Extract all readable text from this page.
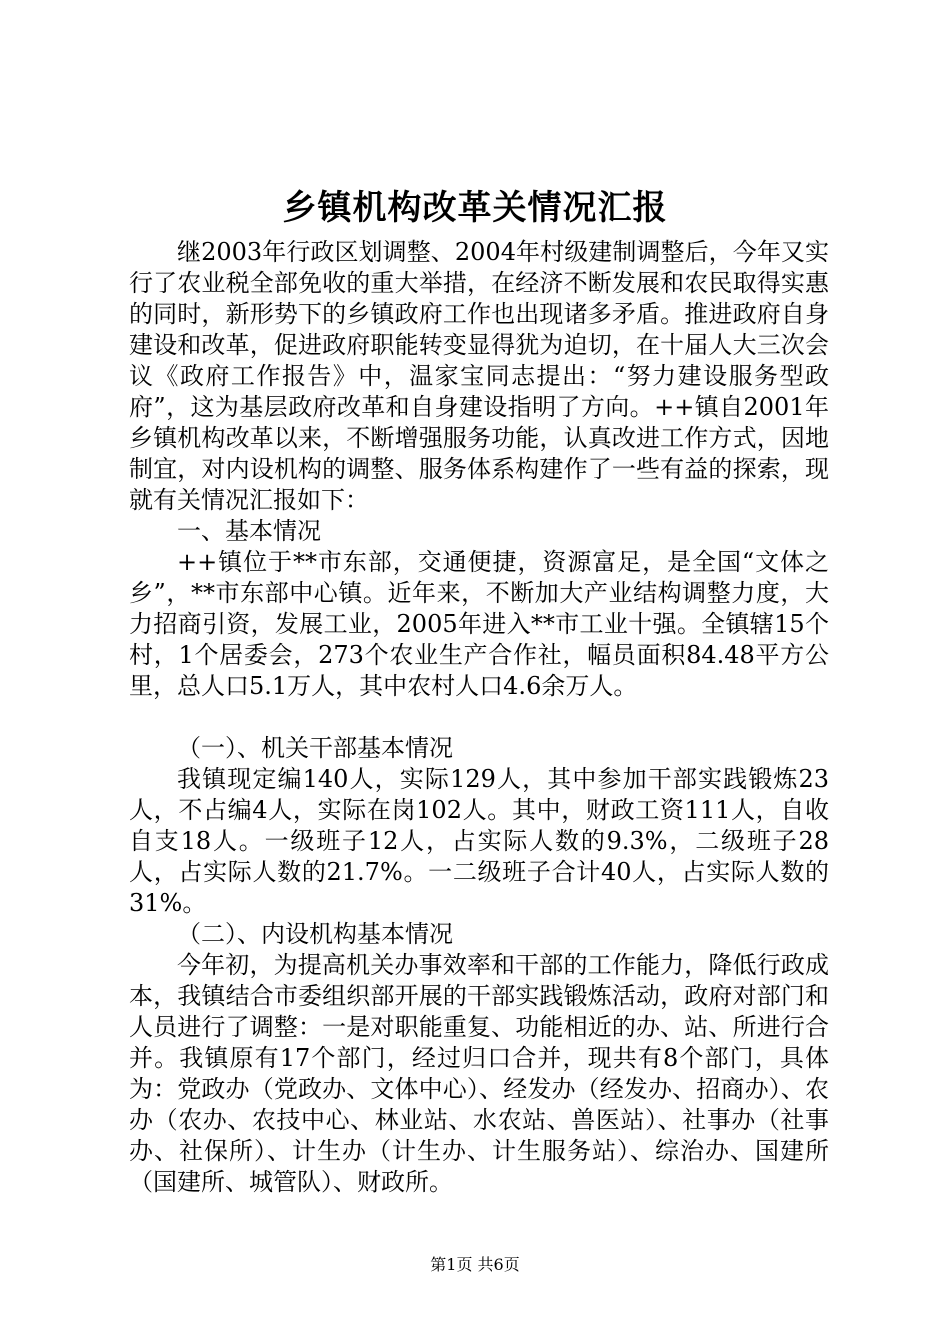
乡镇机构改革关情况汇报

继2003年行政区划调整、2004年村级建制调整后，今年又实行了农业税全部免收的重大举措，在经济不断发展和农民取得实惠的同时，新形势下的乡镇政府工作也出现诸多矛盾。推进政府自身建设和改革，促进政府职能转变显得犹为迫切，在十届人大三次会议《政府工作报告》中，温家宝同志提出：“努力建设服务型政府”，这为基层政府改革和自身建设指明了方向。++镇自2001年乡镇机构改革以来，不断增强服务功能，认真改进工作方式，因地制宜，对内设机构的调整、服务体系构建作了一些有益的探索，现就有关情况汇报如下：

一、基本情况

++镇位于**市东部，交通便捷，资源富足，是全国“文体之乡”，**市东部中心镇。近年来，不断加大产业结构调整力度，大力招商引资，发展工业，2005年进入**市工业十强。全镇辖15个村，1个居委会，273个农业生产合作社，幅员面积84.48平方公里，总人口5.1万人，其中农村人口4.6余万人。

（一）、机关干部基本情况

我镇现定编140人，实际129人，其中参加干部实践锻炼23人，不占编4人，实际在岗102人。其中，财政工资111人，自收自支18人。一级班子12人，占实际人数的9.3%，二级班子28人，占实际人数的21.7%。一二级班子合计40人，占实际人数的31%。

（二）、内设机构基本情况

今年初，为提高机关办事效率和干部的工作能力，降低行政成本，我镇结合市委组织部开展的干部实践锻炼活动，政府对部门和人员进行了调整：一是对职能重复、功能相近的办、站、所进行合并。我镇原有17个部门，经过归口合并，现共有8个部门，具体为：党政办（党政办、文体中心）、经发办（经发办、招商办）、农办（农办、农技中心、林业站、水农站、兽医站）、社事办（社事办、社保所）、计生办（计生办、计生服务站）、综治办、国建所（国建所、城管队）、财政所。

第1页 共6页
